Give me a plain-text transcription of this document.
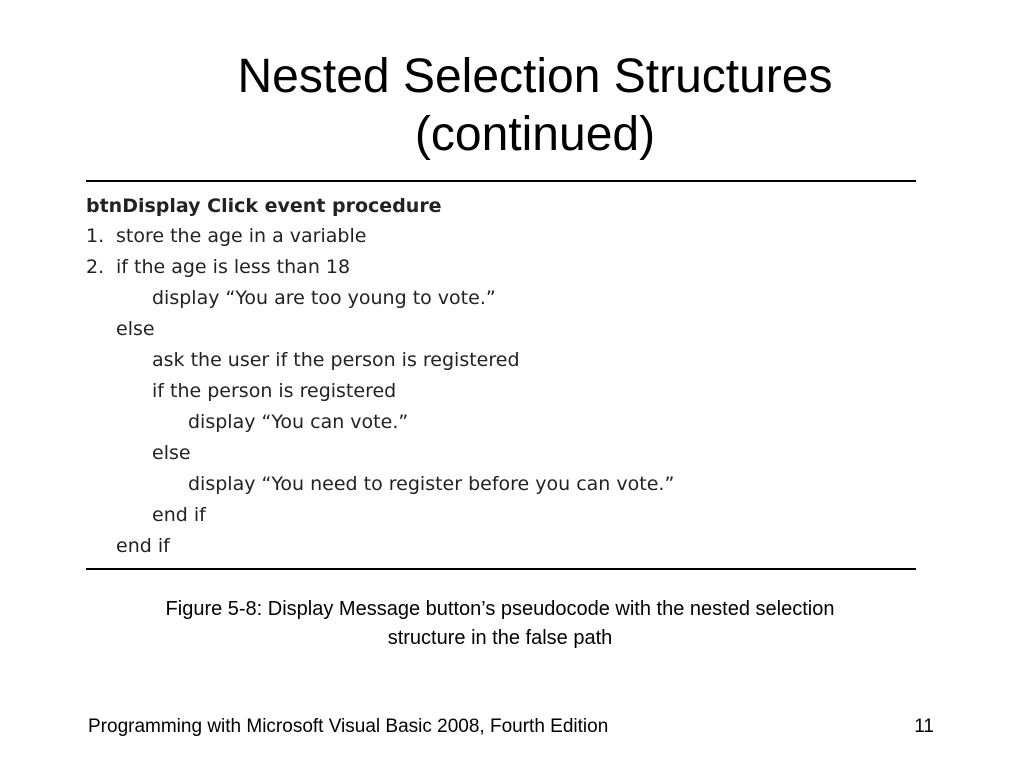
Nested Selection Structures
(continued)
btnDisplay Click event procedure
1. store the age in a variable
2. if the age is less than 18
display “You are too young to vote.”
else
ask the user if the person is registered
if the person is registered
display “You can vote.”
else
display “You need to register before you can vote.”
end if
end if
Figure 5-8: Display Message button’s pseudocode with the nested selection
structure in the false path
Programming with Microsoft Visual Basic 2008, Fourth Edition	11
